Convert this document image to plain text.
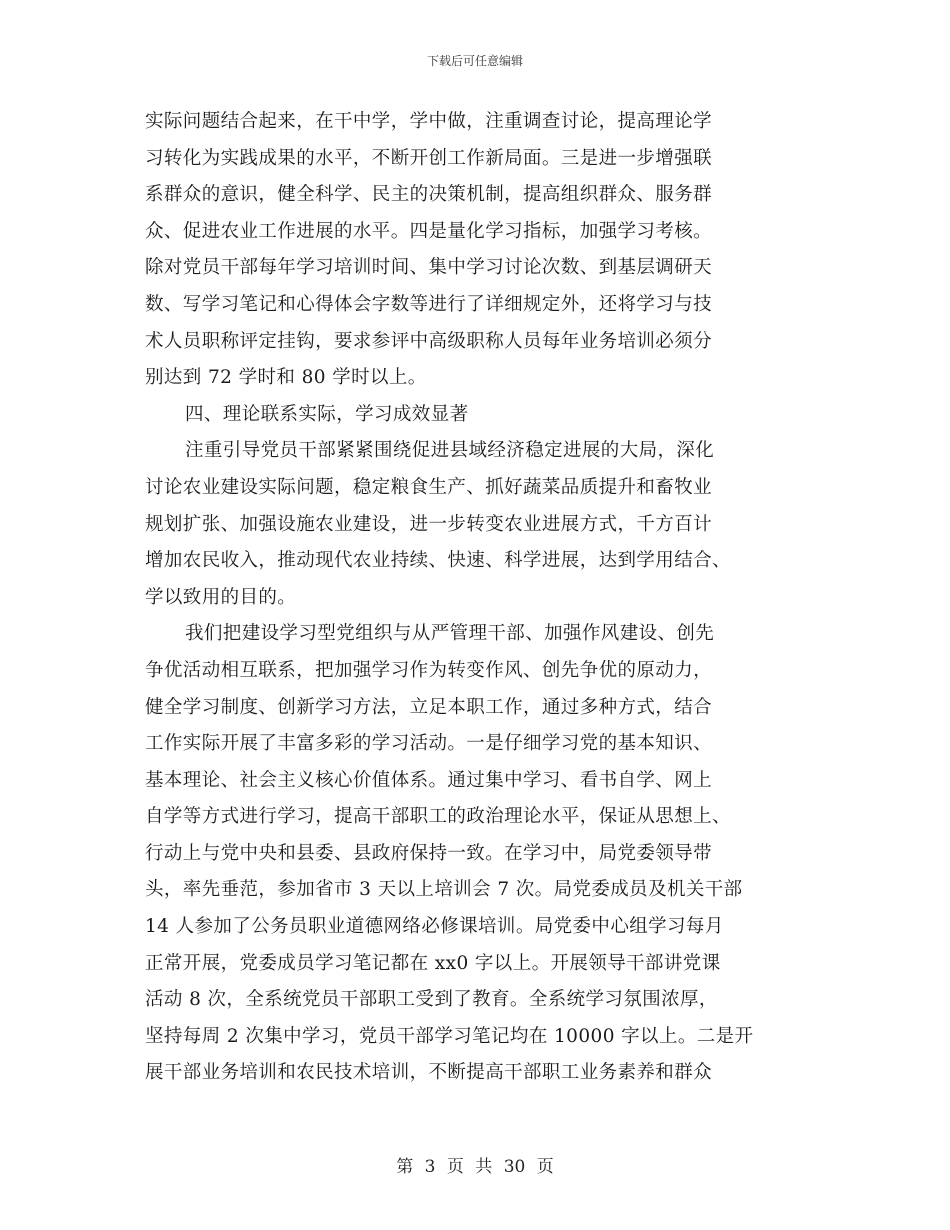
下载后可任意编辑
实际问题结合起来，在干中学，学中做，注重调查讨论，提高理论学
习转化为实践成果的水平，不断开创工作新局面。三是进一步增强联
系群众的意识，健全科学、民主的决策机制，提高组织群众、服务群
众、促进农业工作进展的水平。四是量化学习指标，加强学习考核。
除对党员干部每年学习培训时间、集中学习讨论次数、到基层调研天
数、写学习笔记和心得体会字数等进行了详细规定外，还将学习与技
术人员职称评定挂钩，要求参评中高级职称人员每年业务培训必须分
别达到 72 学时和 80 学时以上。
四、理论联系实际，学习成效显著
注重引导党员干部紧紧围绕促进县域经济稳定进展的大局，深化
讨论农业建设实际问题，稳定粮食生产、抓好蔬菜品质提升和畜牧业
规划扩张、加强设施农业建设，进一步转变农业进展方式，千方百计
增加农民收入，推动现代农业持续、快速、科学进展，达到学用结合、
学以致用的目的。
我们把建设学习型党组织与从严管理干部、加强作风建设、创先
争优活动相互联系，把加强学习作为转变作风、创先争优的原动力，
健全学习制度、创新学习方法，立足本职工作，通过多种方式，结合
工作实际开展了丰富多彩的学习活动。一是仔细学习党的基本知识、
基本理论、社会主义核心价值体系。通过集中学习、看书自学、网上
自学等方式进行学习，提高干部职工的政治理论水平，保证从思想上、
行动上与党中央和县委、县政府保持一致。在学习中，局党委领导带
头，率先垂范，参加省市 3 天以上培训会 7 次。局党委成员及机关干部
14 人参加了公务员职业道德网络必修课培训。局党委中心组学习每月
正常开展，党委成员学习笔记都在 xx0 字以上。开展领导干部讲党课
活动 8 次，全系统党员干部职工受到了教育。全系统学习氛围浓厚，
坚持每周 2 次集中学习，党员干部学习笔记均在 10000 字以上。二是开
展干部业务培训和农民技术培训，不断提高干部职工业务素养和群众
第 3 页 共 30 页
